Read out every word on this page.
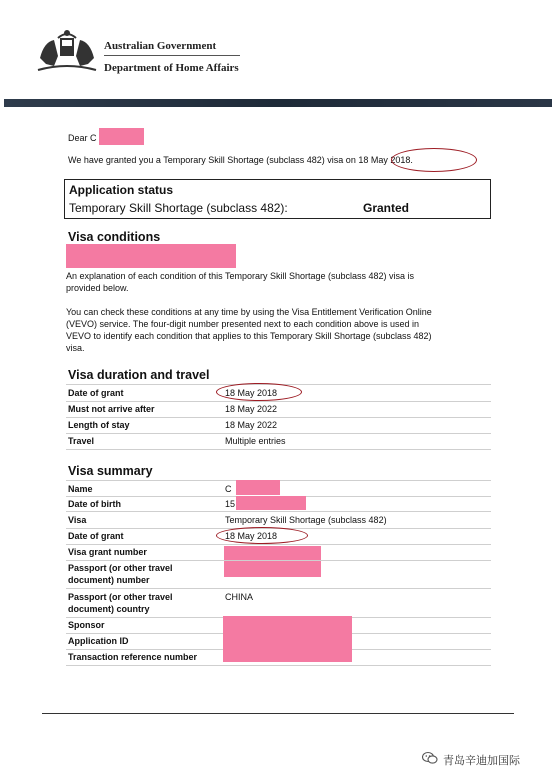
Australian Government
Department of Home Affairs
Dear C
We have granted you a Temporary Skill Shortage (subclass 482) visa on 18 May 2018.
Application status
Temporary Skill Shortage (subclass 482):	Granted
Visa conditions
An explanation of each condition of this Temporary Skill Shortage (subclass 482) visa is
provided below.
You can check these conditions at any time by using the Visa Entitlement Verification Online
(VEVO) service. The four-digit number presented next to each condition above is used in
VEVO to identify each condition that applies to this Temporary Skill Shortage (subclass 482)
visa.
Visa duration and travel
Date of grant	18 May 2018
Must not arrive after	18 May 2022
Length of stay	18 May 2022
Travel	Multiple entries
Visa summary
Name	C
Date of birth	15
Visa	Temporary Skill Shortage (subclass 482)
Date of grant	18 May 2018
Visa grant number
Passport (or other travel
document) number
Passport (or other travel	CHINA
document) country
Sponsor
Application ID
Transaction reference number
青岛辛迪加国际
